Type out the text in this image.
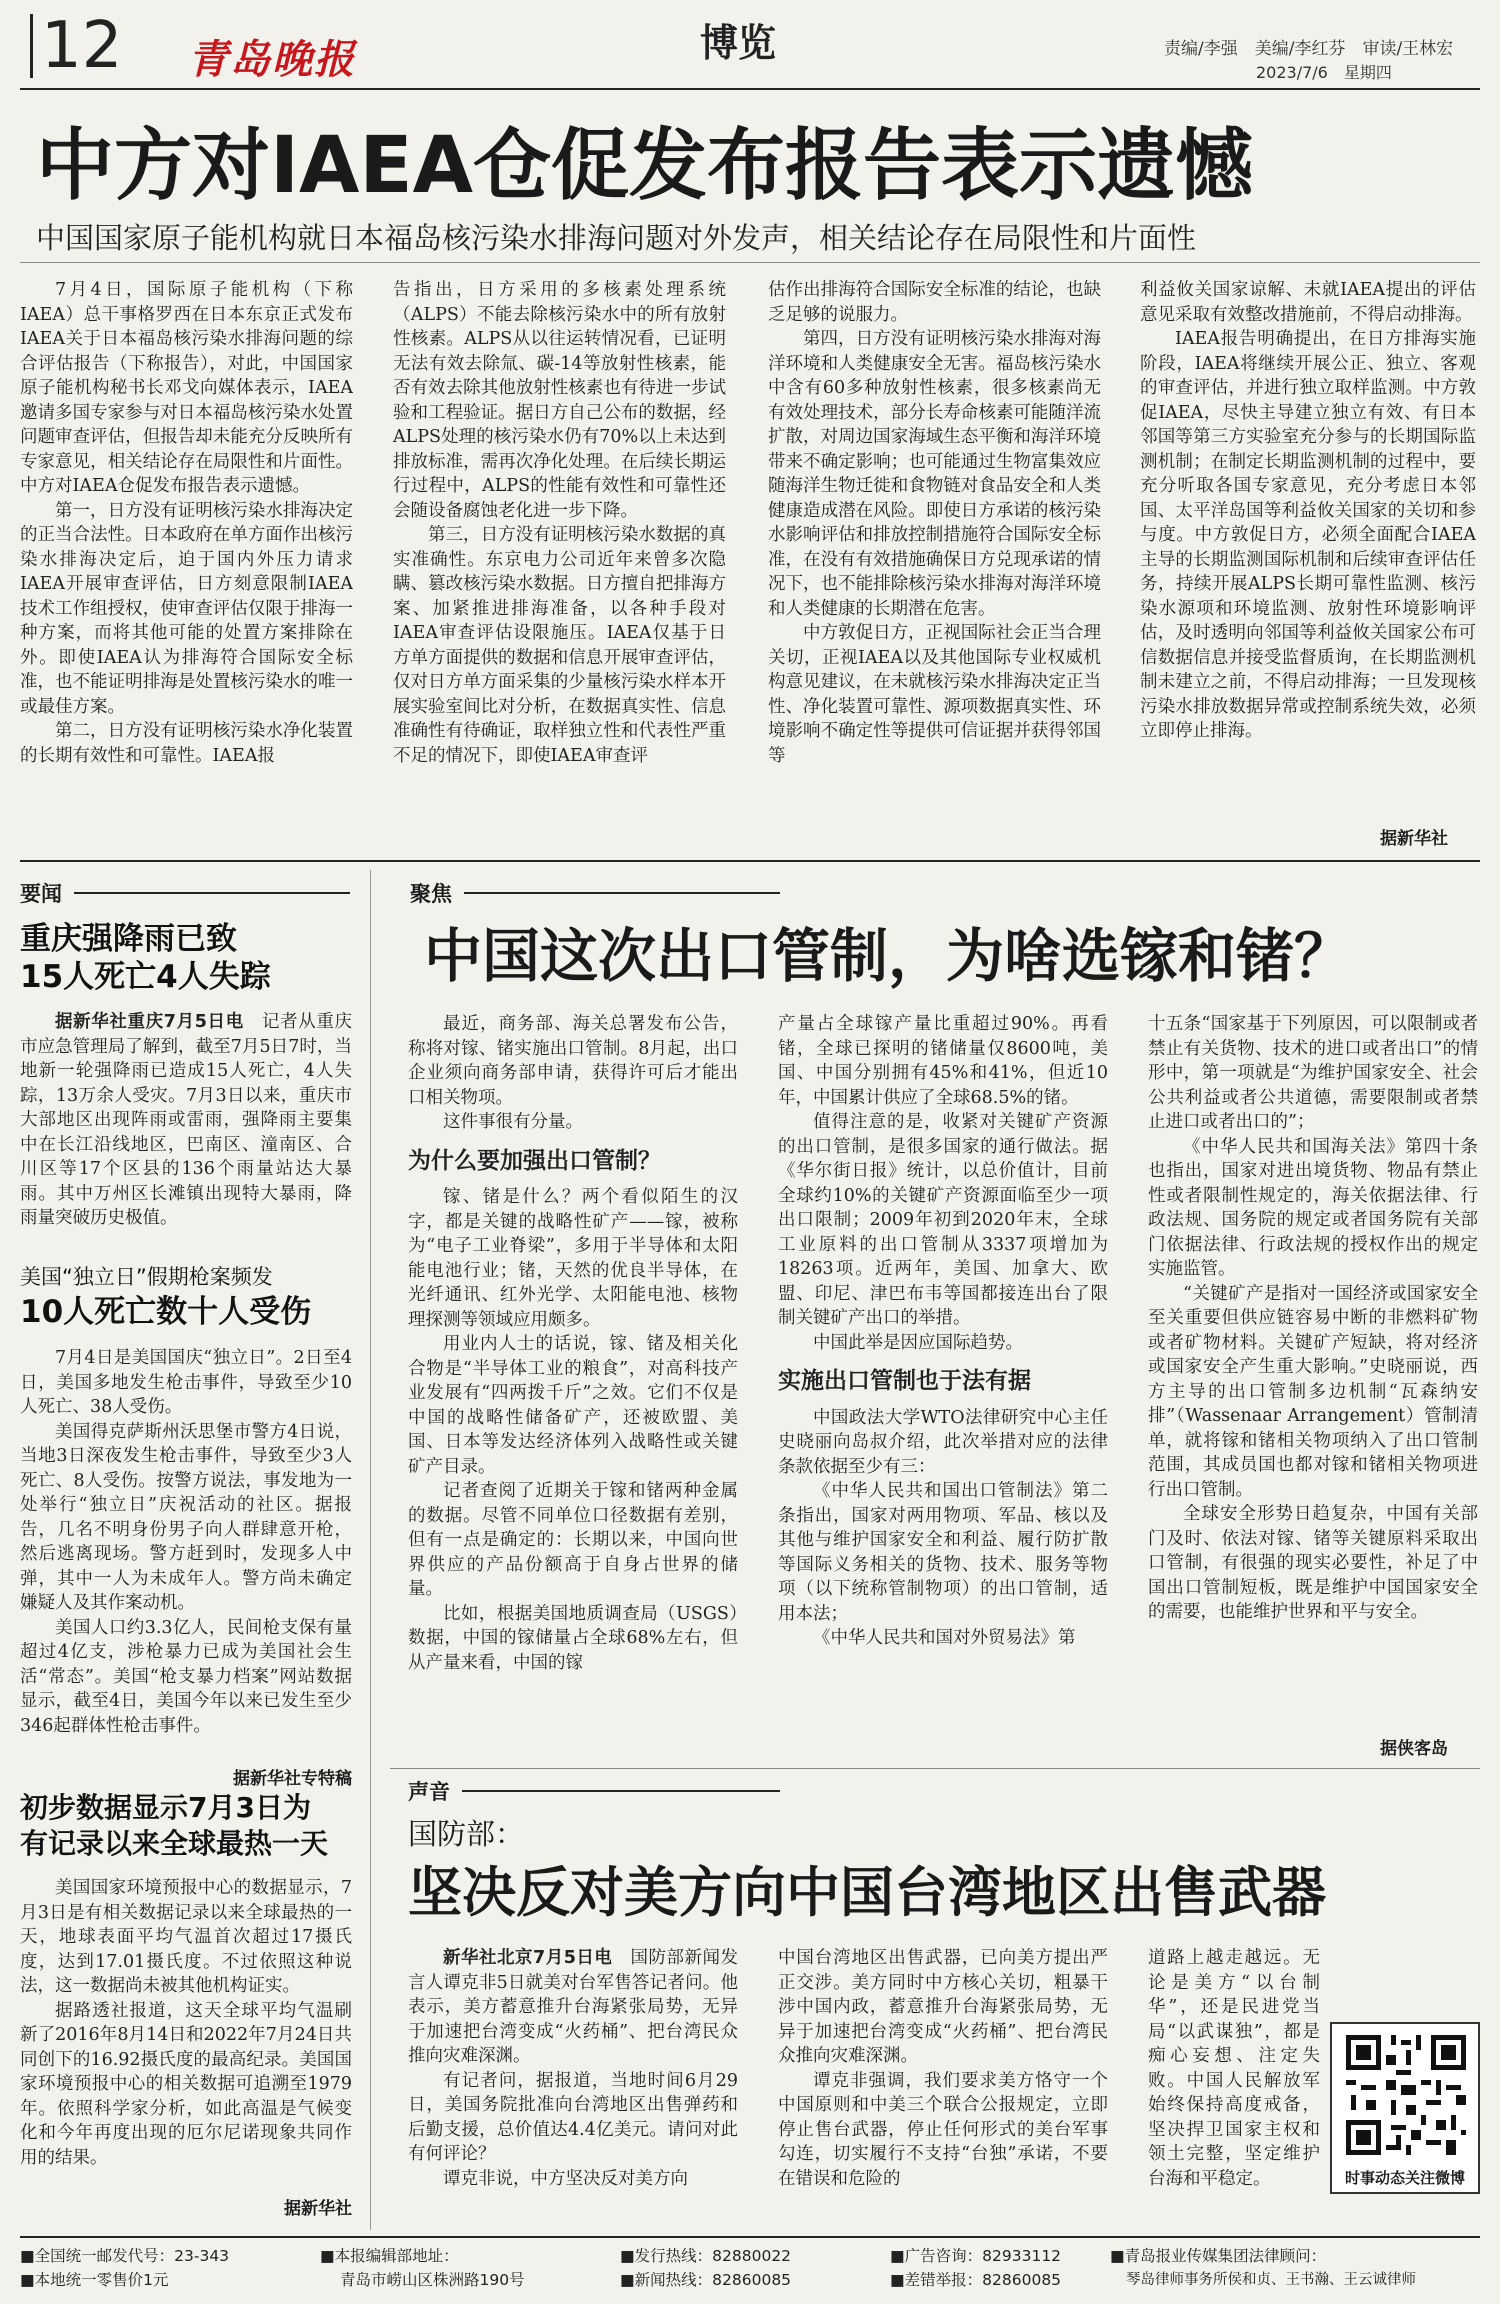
12 青岛晚报	博览	责编/李强　美编/李红芬　审读/王林宏
2023/7/6　星期四
中方对IAEA仓促发布报告表示遗憾
中国国家原子能机构就日本福岛核污染水排海问题对外发声，相关结论存在局限性和片面性

7月4日，国际原子能机构（下称IAEA）总干事格罗西在日本东京正式发布IAEA关于日本福岛核污染水排海问题的综合评估报告（下称报告），对此，中国国家原子能机构秘书长邓戈向媒体表示，IAEA邀请多国专家参与对日本福岛核污染水处置问题审查评估，但报告却未能充分反映所有专家意见，相关结论存在局限性和片面性。中方对IAEA仓促发布报告表示遗憾。

第一，日方没有证明核污染水排海决定的正当合法性。日本政府在单方面作出核污染水排海决定后，迫于国内外压力请求IAEA开展审查评估，日方刻意限制IAEA技术工作组授权，使审查评估仅限于排海一种方案，而将其他可能的处置方案排除在外。即使IAEA认为排海符合国际安全标准，也不能证明排海是处置核污染水的唯一或最佳方案。

第二，日方没有证明核污染水净化装置的长期有效性和可靠性。IAEA报

告指出，日方采用的多核素处理系统（ALPS）不能去除核污染水中的所有放射性核素。ALPS从以往运转情况看，已证明无法有效去除氚、碳-14等放射性核素，能否有效去除其他放射性核素也有待进一步试验和工程验证。据日方自己公布的数据，经ALPS处理的核污染水仍有70%以上未达到排放标准，需再次净化处理。在后续长期运行过程中，ALPS的性能有效性和可靠性还会随设备腐蚀老化进一步下降。

第三，日方没有证明核污染水数据的真实准确性。东京电力公司近年来曾多次隐瞒、篡改核污染水数据。日方擅自把排海方案、加紧推进排海准备，以各种手段对IAEA审查评估设限施压。IAEA仅基于日方单方面提供的数据和信息开展审查评估，仅对日方单方面采集的少量核污染水样本开展实验室间比对分析，在数据真实性、信息准确性有待确证，取样独立性和代表性严重不足的情况下，即使IAEA审查评

估作出排海符合国际安全标准的结论，也缺乏足够的说服力。

第四，日方没有证明核污染水排海对海洋环境和人类健康安全无害。福岛核污染水中含有60多种放射性核素，很多核素尚无有效处理技术，部分长寿命核素可能随洋流扩散，对周边国家海域生态平衡和海洋环境带来不确定影响；也可能通过生物富集效应随海洋生物迁徙和食物链对食品安全和人类健康造成潜在风险。即使日方承诺的核污染水影响评估和排放控制措施符合国际安全标准，在没有有效措施确保日方兑现承诺的情况下，也不能排除核污染水排海对海洋环境和人类健康的长期潜在危害。

中方敦促日方，正视国际社会正当合理关切，正视IAEA以及其他国际专业权威机构意见建议，在未就核污染水排海决定正当性、净化装置可靠性、源项数据真实性、环境影响不确定性等提供可信证据并获得邻国等

利益攸关国家谅解、未就IAEA提出的评估意见采取有效整改措施前，不得启动排海。

IAEA报告明确提出，在日方排海实施阶段，IAEA将继续开展公正、独立、客观的审查评估，并进行独立取样监测。中方敦促IAEA，尽快主导建立独立有效、有日本邻国等第三方实验室充分参与的长期国际监测机制；在制定长期监测机制的过程中，要充分听取各国专家意见，充分考虑日本邻国、太平洋岛国等利益攸关国家的关切和参与度。中方敦促日方，必须全面配合IAEA主导的长期监测国际机制和后续审查评估任务，持续开展ALPS长期可靠性监测、核污染水源项和环境监测、放射性环境影响评估，及时透明向邻国等利益攸关国家公布可信数据信息并接受监督质询，在长期监测机制未建立之前，不得启动排海；一旦发现核污染水排放数据异常或控制系统失效，必须立即停止排海。

据新华社
要闻
重庆强降雨已致
15人死亡4人失踪

据新华社重庆7月5日电　 记者从重庆市应急管理局了解到，截至7月5日7时，当地新一轮强降雨已造成15人死亡，4人失踪，13万余人受灾。7月3日以来，重庆市大部地区出现阵雨或雷雨，强降雨主要集中在长江沿线地区，巴南区、潼南区、合川区等17个区县的136个雨量站达大暴雨。其中万州区长滩镇出现特大暴雨，降雨量突破历史极值。

美国“独立日”假期枪案频发
10人死亡数十人受伤

7月4日是美国国庆“独立日”。2日至4日，美国多地发生枪击事件，导致至少10人死亡、38人受伤。

美国得克萨斯州沃思堡市警方4日说，当地3日深夜发生枪击事件，导致至少3人死亡、8人受伤。按警方说法，事发地为一处举行“独立日”庆祝活动的社区。据报告，几名不明身份男子向人群肆意开枪，然后逃离现场。警方赶到时，发现多人中弹，其中一人为未成年人。警方尚未确定嫌疑人及其作案动机。

美国人口约3.3亿人，民间枪支保有量超过4亿支，涉枪暴力已成为美国社会生活“常态”。美国“枪支暴力档案”网站数据显示，截至4日，美国今年以来已发生至少346起群体性枪击事件。

据新华社专特稿
初步数据显示7月3日为
有记录以来全球最热一天

美国国家环境预报中心的数据显示，7月3日是有相关数据记录以来全球最热的一天，地球表面平均气温首次超过17摄氏度，达到17.01摄氏度。不过依照这种说法，这一数据尚未被其他机构证实。

据路透社报道，这天全球平均气温刷新了2016年8月14日和2022年7月24日共同创下的16.92摄氏度的最高纪录。美国国家环境预报中心的相关数据可追溯至1979年。依照科学家分析，如此高温是气候变化和今年再度出现的厄尔尼诺现象共同作用的结果。

据新华社
聚焦
中国这次出口管制，为啥选镓和锗？

最近，商务部、海关总署发布公告，称将对镓、锗实施出口管制。8月起，出口企业须向商务部申请，获得许可后才能出口相关物项。

这件事很有分量。

为什么要加强出口管制？

镓、锗是什么？两个看似陌生的汉字，都是关键的战略性矿产——镓，被称为“电子工业脊梁”，多用于半导体和太阳能电池行业；锗，天然的优良半导体，在光纤通讯、红外光学、太阳能电池、核物理探测等领域应用颇多。

用业内人士的话说，镓、锗及相关化合物是“半导体工业的粮食”，对高科技产业发展有“四两拨千斤”之效。它们不仅是中国的战略性储备矿产，还被欧盟、美国、日本等发达经济体列入战略性或关键矿产目录。

记者查阅了近期关于镓和锗两种金属的数据。尽管不同单位口径数据有差别，但有一点是确定的：长期以来，中国向世界供应的产品份额高于自身占世界的储量。

比如，根据美国地质调查局（USGS）数据，中国的镓储量占全球68%左右，但从产量来看，中国的镓

产量占全球镓产量比重超过90%。再看锗，全球已探明的锗储量仅8600吨，美国、中国分别拥有45%和41%，但近10年，中国累计供应了全球68.5%的锗。

值得注意的是，收紧对关键矿产资源的出口管制，是很多国家的通行做法。据《华尔街日报》统计，以总价值计，目前全球约10%的关键矿产资源面临至少一项出口限制；2009年初到2020年末，全球工业原料的出口管制从3337项增加为18263项。近两年，美国、加拿大、欧盟、印尼、津巴布韦等国都接连出台了限制关键矿产出口的举措。

中国此举是因应国际趋势。

实施出口管制也于法有据

中国政法大学WTO法律研究中心主任史晓丽向岛叔介绍，此次举措对应的法律条款依据至少有三：

《中华人民共和国出口管制法》第二条指出，国家对两用物项、军品、核以及其他与维护国家安全和利益、履行防扩散等国际义务相关的货物、技术、服务等物项（以下统称管制物项）的出口管制，适用本法；

《中华人民共和国对外贸易法》第

十五条“国家基于下列原因，可以限制或者禁止有关货物、技术的进口或者出口”的情形中，第一项就是“为维护国家安全、社会公共利益或者公共道德，需要限制或者禁止进口或者出口的”；

《中华人民共和国海关法》第四十条也指出，国家对进出境货物、物品有禁止性或者限制性规定的，海关依据法律、行政法规、国务院的规定或者国务院有关部门依据法律、行政法规的授权作出的规定实施监管。

“关键矿产是指对一国经济或国家安全至关重要但供应链容易中断的非燃料矿物或者矿物材料。关键矿产短缺，将对经济或国家安全产生重大影响。”史晓丽说，西方主导的出口管制多边机制“瓦森纳安排”（Wassenaar Arrangement）管制清单，就将镓和锗相关物项纳入了出口管制范围，其成员国也都对镓和锗相关物项进行出口管制。

全球安全形势日趋复杂，中国有关部门及时、依法对镓、锗等关键原料采取出口管制，有很强的现实必要性，补足了中国出口管制短板，既是维护中国国家安全的需要，也能维护世界和平与安全。

据侠客岛
声音
国防部：
坚决反对美方向中国台湾地区出售武器

新华社北京7月5日电　 国防部新闻发言人谭克非5日就美对台军售答记者问。他表示，美方蓄意推升台海紧张局势，无异于加速把台湾变成“火药桶”、把台湾民众推向灾难深渊。

有记者问，据报道，当地时间6月29日，美国务院批准向台湾地区出售弹药和后勤支援，总价值达4.4亿美元。请问对此有何评论？

谭克非说，中方坚决反对美方向

中国台湾地区出售武器，已向美方提出严正交涉。美方同时中方核心关切，粗暴干涉中国内政，蓄意推升台海紧张局势，无异于加速把台湾变成“火药桶”、把台湾民众推向灾难深渊。

谭克非强调，我们要求美方恪守一个中国原则和中美三个联合公报规定，立即停止售台武器，停止任何形式的美台军事勾连，切实履行不支持“台独”承诺，不要在错误和危险的

道路上越走越远。无论是美方“以台制华”，还是民进党当局“以武谋独”，都是痴心妄想、注定失败。中国人民解放军始终保持高度戒备，坚决捍卫国家主权和领土完整，坚定维护台海和平稳定。	时事动态关注微博
■全国统一邮发代号：23-343
■本地统一零售价1元
■本报编辑部地址：
青岛市崂山区株洲路190号
■发行热线：82880022
■新闻热线：82860085
■广告咨询：82933112
■差错举报：82860085
■青岛报业传媒集团法律顾问：
琴岛律师事务所侯和贞、王书瀚、王云诚律师
